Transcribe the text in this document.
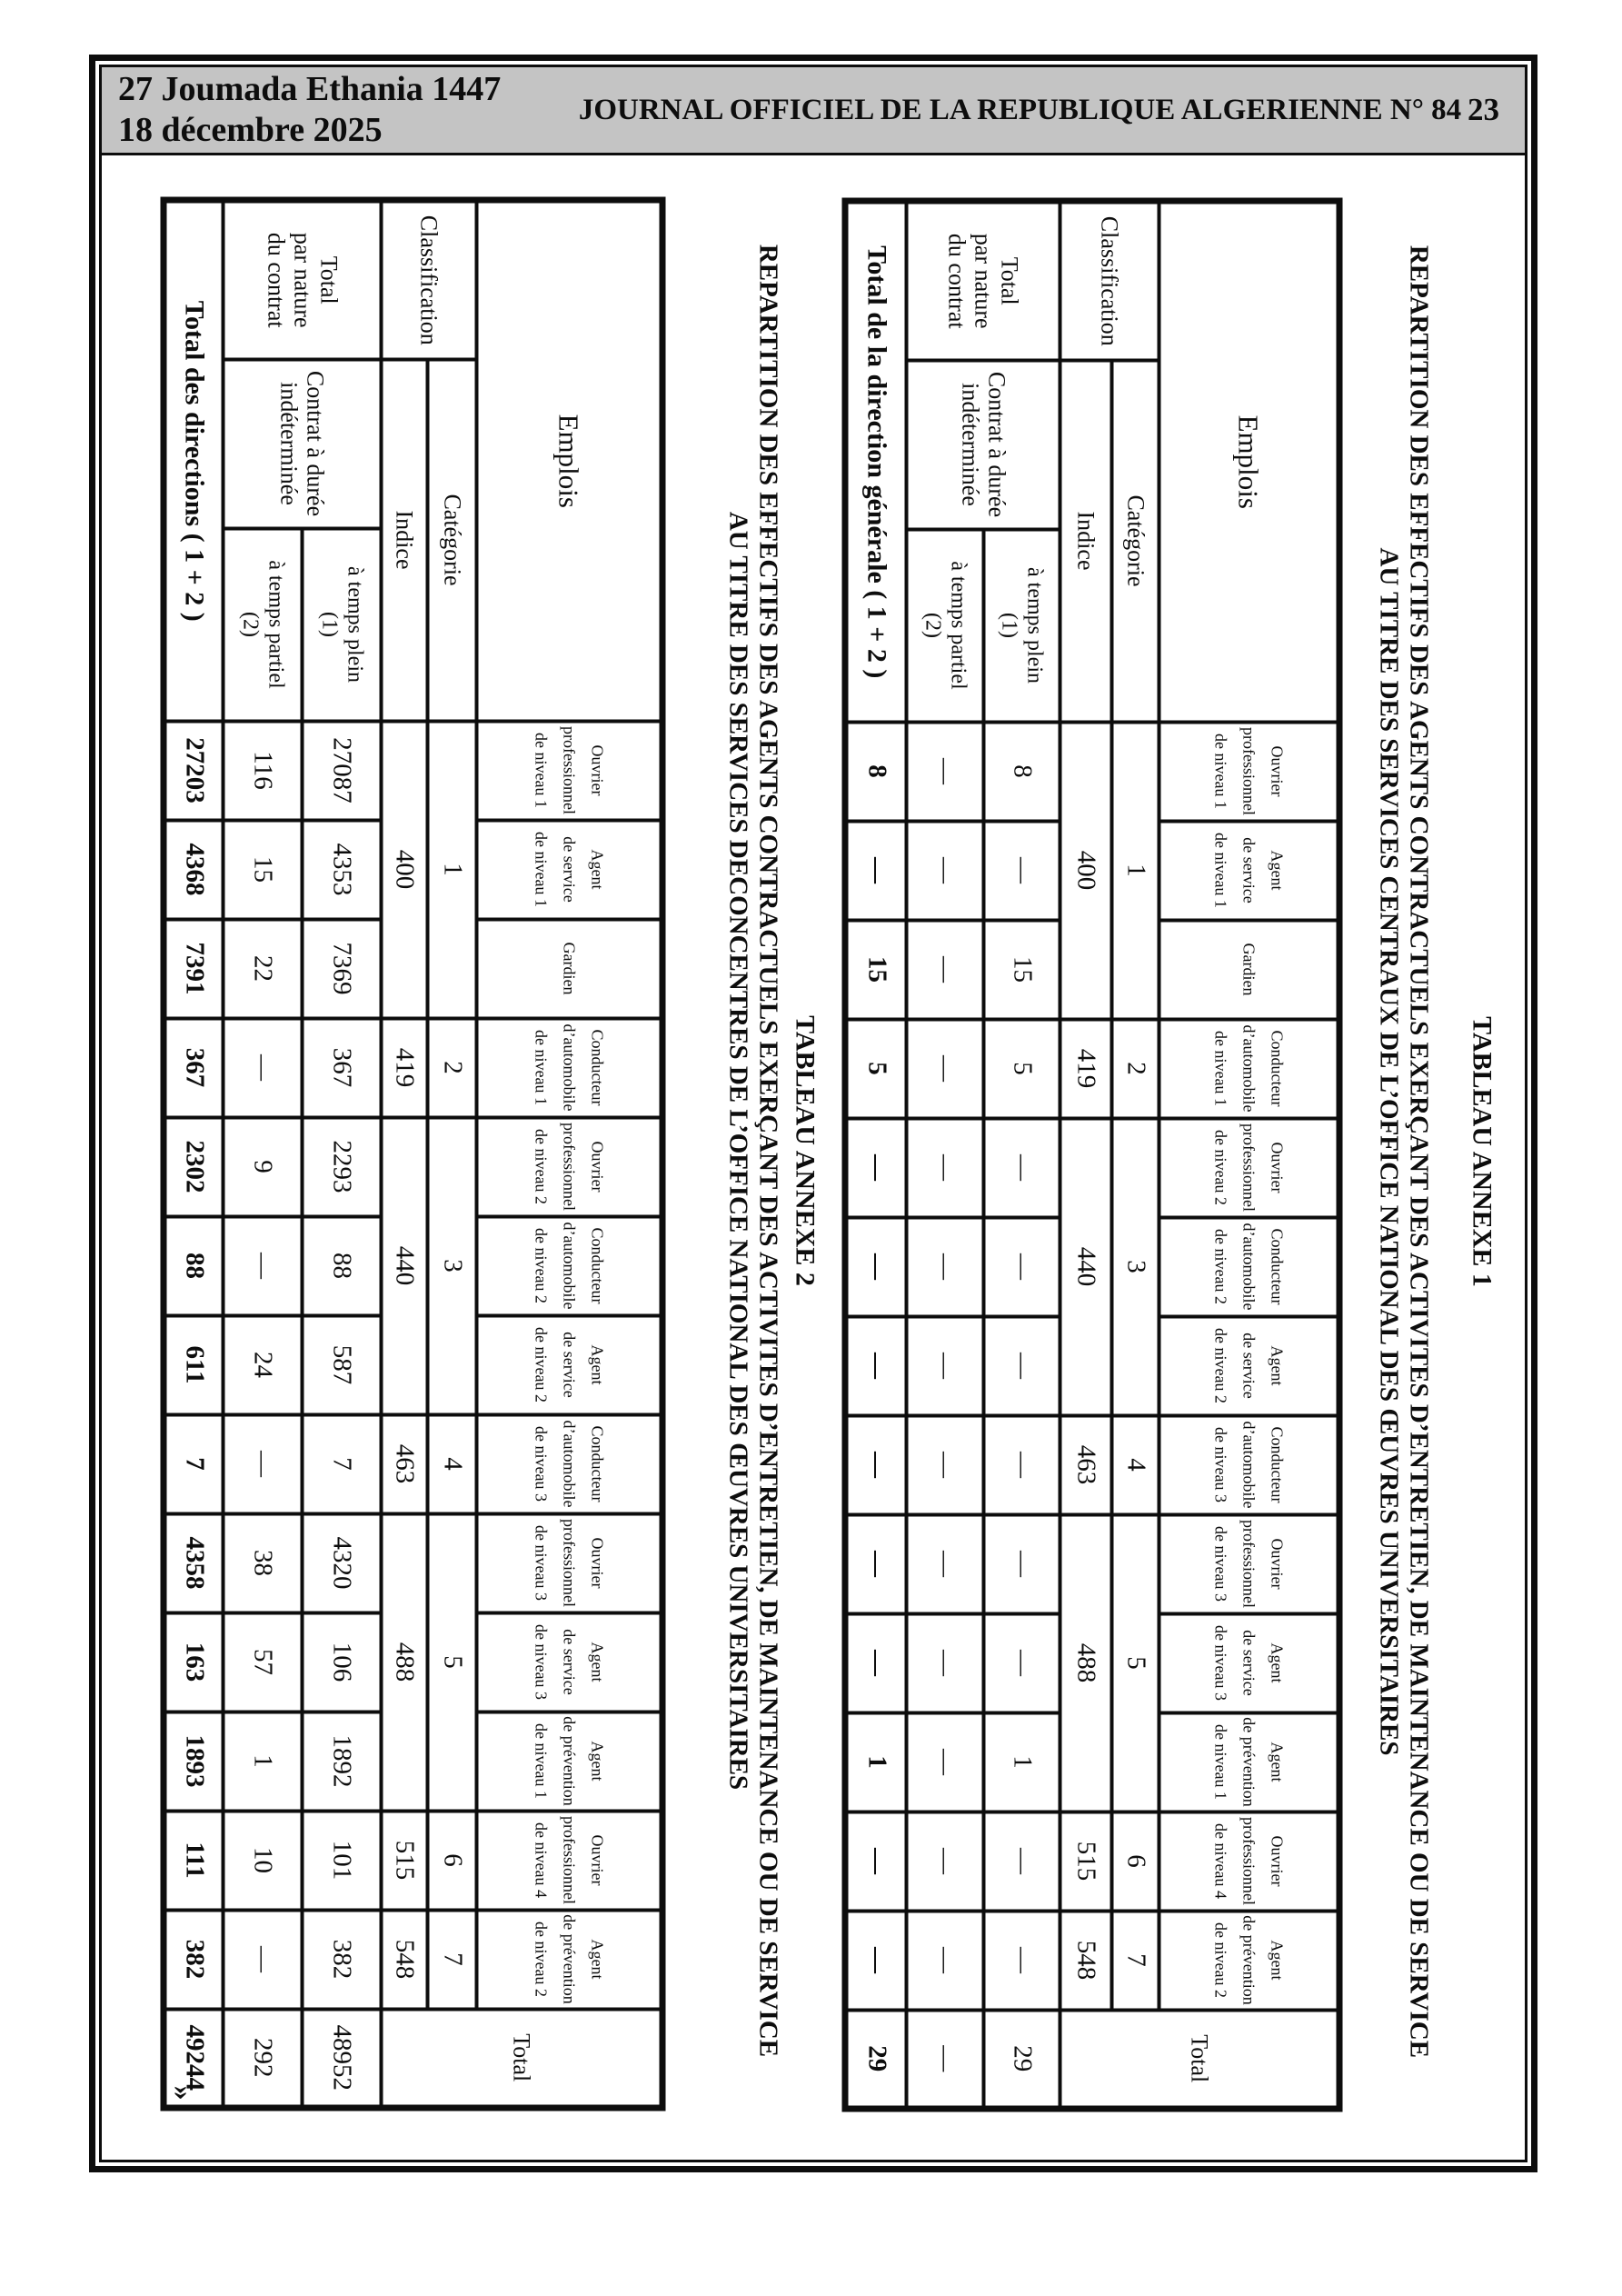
27 Joumada Ethania 1447
18 décembre 2025
JOURNAL OFFICIEL DE LA REPUBLIQUE ALGERIENNE N° 84 23
TABLEAU ANNEXE 1
REPARTITION DES EFFECTIFS DES AGENTS CONTRACTUELS EXERÇANT DES ACTIVITES D’ENTRETIEN, DE MAINTENANCE OU DE SERVICE
AU TITRE DES SERVICES CENTRAUX DE L’OFFICE NATIONAL DES ŒUVRES UNIVERSITAIRES
Emplois			Ouvrier
professionnel
de niveau 1	Agent
de service
de niveau 1	Gardien	Conducteur
d’automobile
de niveau 1	Ouvrier
professionnel
de niveau 2	Conducteur
d’automobile
de niveau 2	Agent
de service
de niveau 2	Conducteur
d’automobile
de niveau 3	Ouvrier
professionnel
de niveau 3	Agent
de service
de niveau 3	Agent
de prévention
de niveau 1	Ouvrier
professionnel
de niveau 4	Agent
de prévention
de niveau 2	Total
Classification	Catégorie		1			2	3			4	5			6	7	
	Indice		400			419	440			463	488			515	548	
Total
par nature
du contrat	Contrat à durée
indéterminée	à temps plein
(1)	8	—	15	5	—	—	—	—	—	—	1	—	—	29
		à temps partiel
(2)	—	—	—	—	—	—	—	—	—	—	—	—	—	—
Total de la direction générale ( 1 + 2 )			8	—	15	5	—	—	—	—	—	—	1	—	—	29
TABLEAU ANNEXE 2
REPARTITION DES EFFECTIFS DES AGENTS CONTRACTUELS EXERÇANT DES ACTIVITES D’ENTRETIEN, DE MAINTENANCE OU DE SERVICE
AU TITRE DES SERVICES DECONCENTRES DE L’OFFICE NATIONAL DES ŒUVRES UNIVERSITAIRES
Emplois			Ouvrier
professionnel
de niveau 1	Agent
de service
de niveau 1	Gardien	Conducteur
d’automobile
de niveau 1	Ouvrier
professionnel
de niveau 2	Conducteur
d’automobile
de niveau 2	Agent
de service
de niveau 2	Conducteur
d’automobile
de niveau 3	Ouvrier
professionnel
de niveau 3	Agent
de service
de niveau 3	Agent
de prévention
de niveau 1	Ouvrier
professionnel
de niveau 4	Agent
de prévention
de niveau 2	Total
Classification	Catégorie		1			2	3			4	5			6	7	
	Indice		400			419	440			463	488			515	548	
Total
par nature
du contrat	Contrat à durée
indéterminée	à temps plein
(1)	27087	4353	7369	367	2293	88	587	7	4320	106	1892	101	382	48952
		à temps partiel
(2)	116	15	22	—	9	—	24	—	38	57	1	10	—	292
Total des directions ( 1 + 2 )			27203	4368	7391	367	2302	88	611	7	4358	163	1893	111	382	49244
»
